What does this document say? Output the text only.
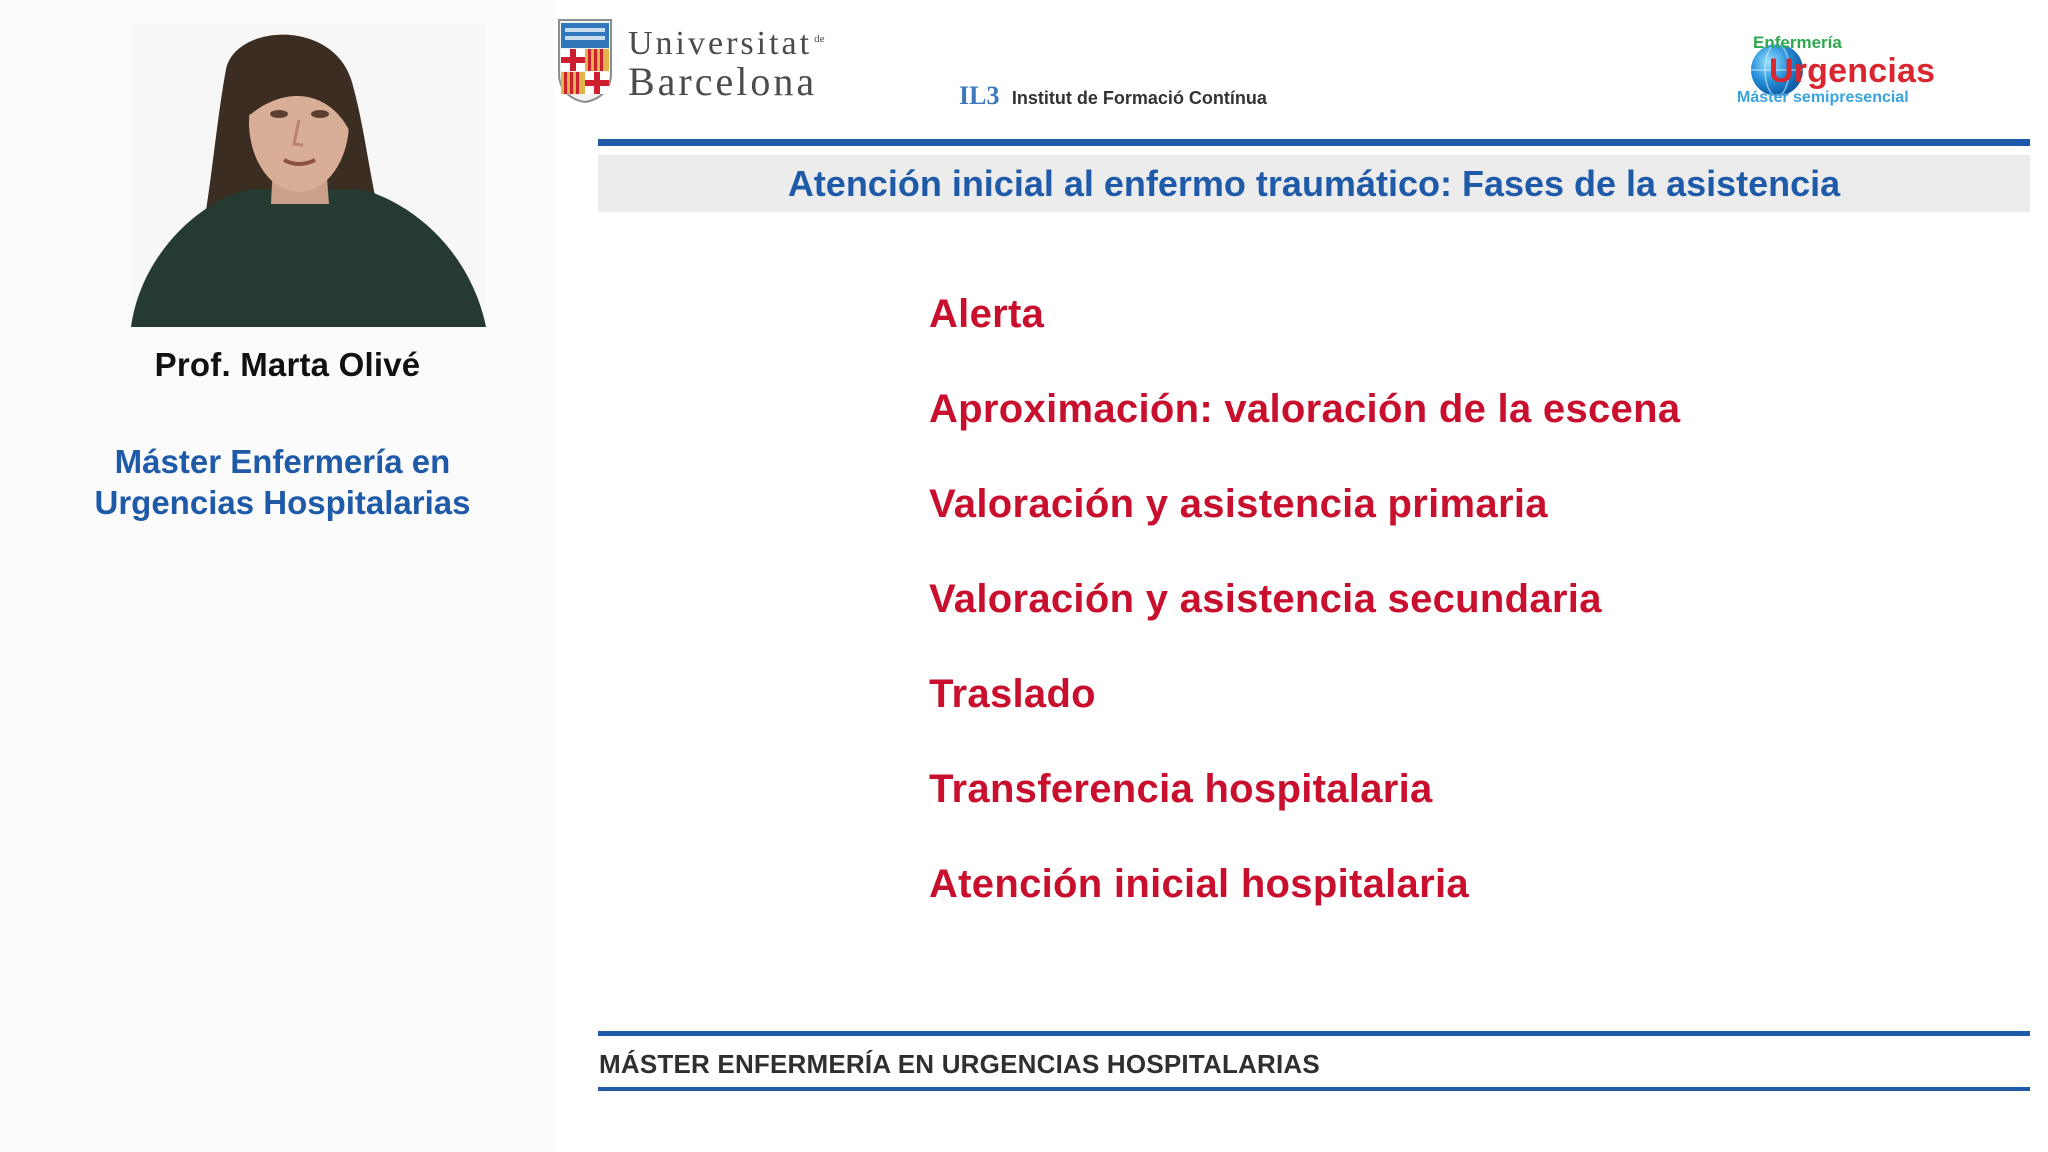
Prof. Marta Olivé
Máster Enfermería en
Urgencias Hospitalarias
Universitat $^{de}$
Barcelona	IL3 Institut de Formació Contínua
Enfermería
Urgencias
Máster semipresencial
Atención inicial al enfermo traumático: Fases de la asistencia
Alerta
Aproximación: valoración de la escena
Valoración y asistencia primaria
Valoración y asistencia secundaria
Traslado
Transferencia hospitalaria
Atención inicial hospitalaria
MÁSTER ENFERMERÍA EN URGENCIAS HOSPITALARIAS
